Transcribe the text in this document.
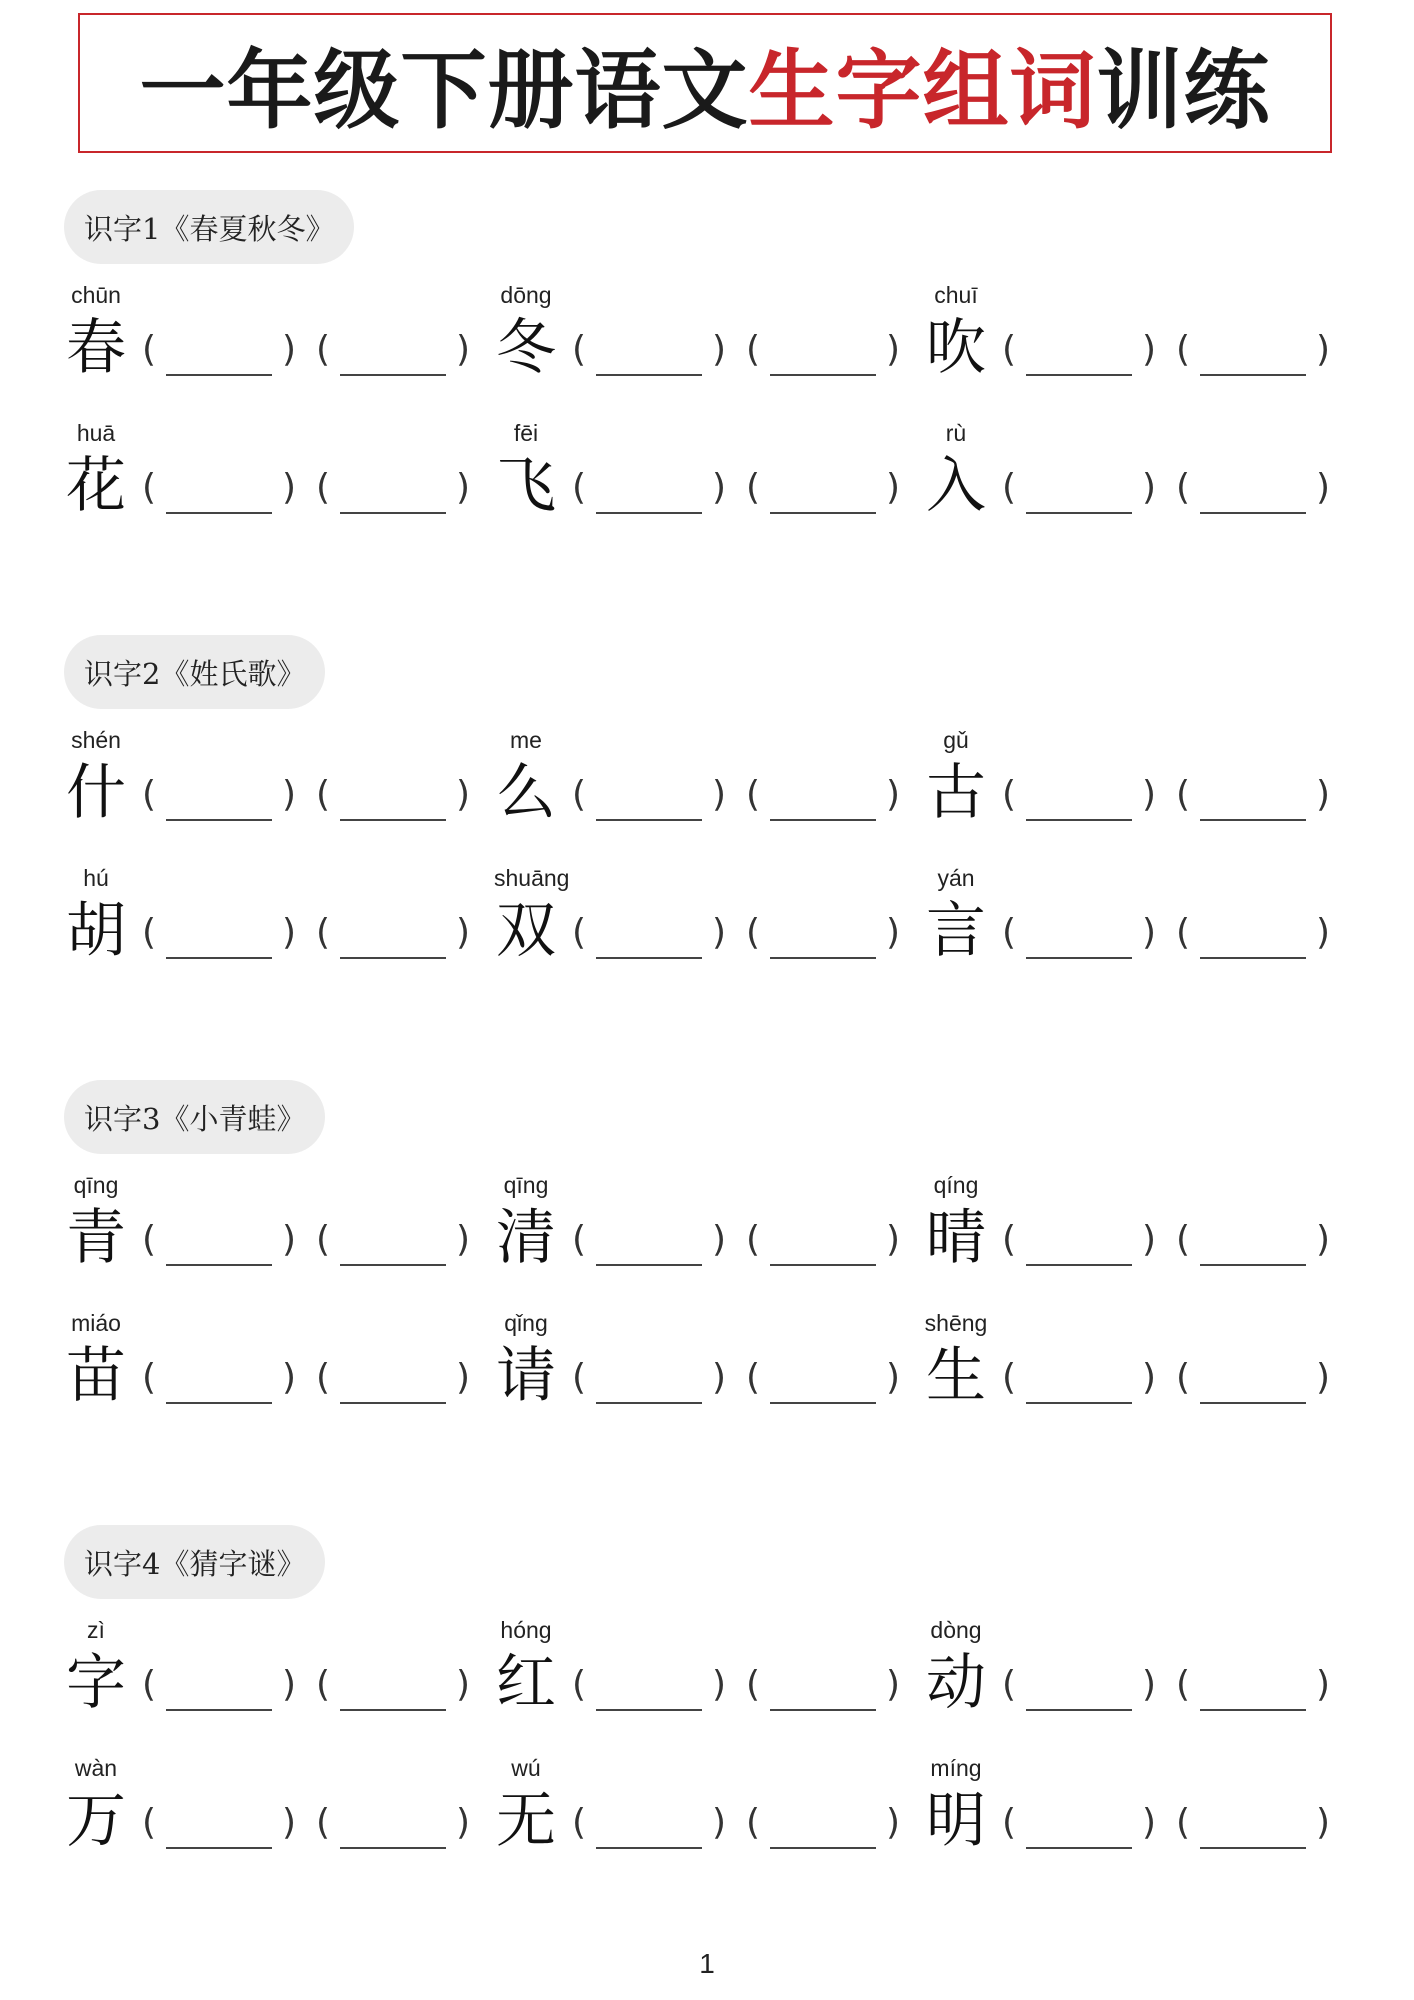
一年级下册语文生字组词训练
识字1《春夏秋冬》
chūn
春 (	) (	)
dōng
冬 (	) (	)
chuī
吹 (	) (	)
huā
花 (	) (	)
fēi
飞 (	) (	)
rù
入 (	) (	)
识字2《姓氏歌》
shén
什 (	) (	)
me
么 (	) (	)
gǔ
古 (	) (	)
hú
胡 (	) (	)
shuāng
双 (	) (	)
yán
言 (	) (	)
识字3《小青蛙》
qīng
青 (	) (	)
qīng
清 (	) (	)
qíng
晴 (	) (	)
miáo
苗 (	) (	)
qǐng
请 (	) (	)
shēng
生 (	) (	)
识字4《猜字谜》
zì
字 (	) (	)
hóng
红 (	) (	)
dòng
动 (	) (	)
wàn
万 (	) (	)
wú
无 (	) (	)
míng
明 (	) (	)
1
